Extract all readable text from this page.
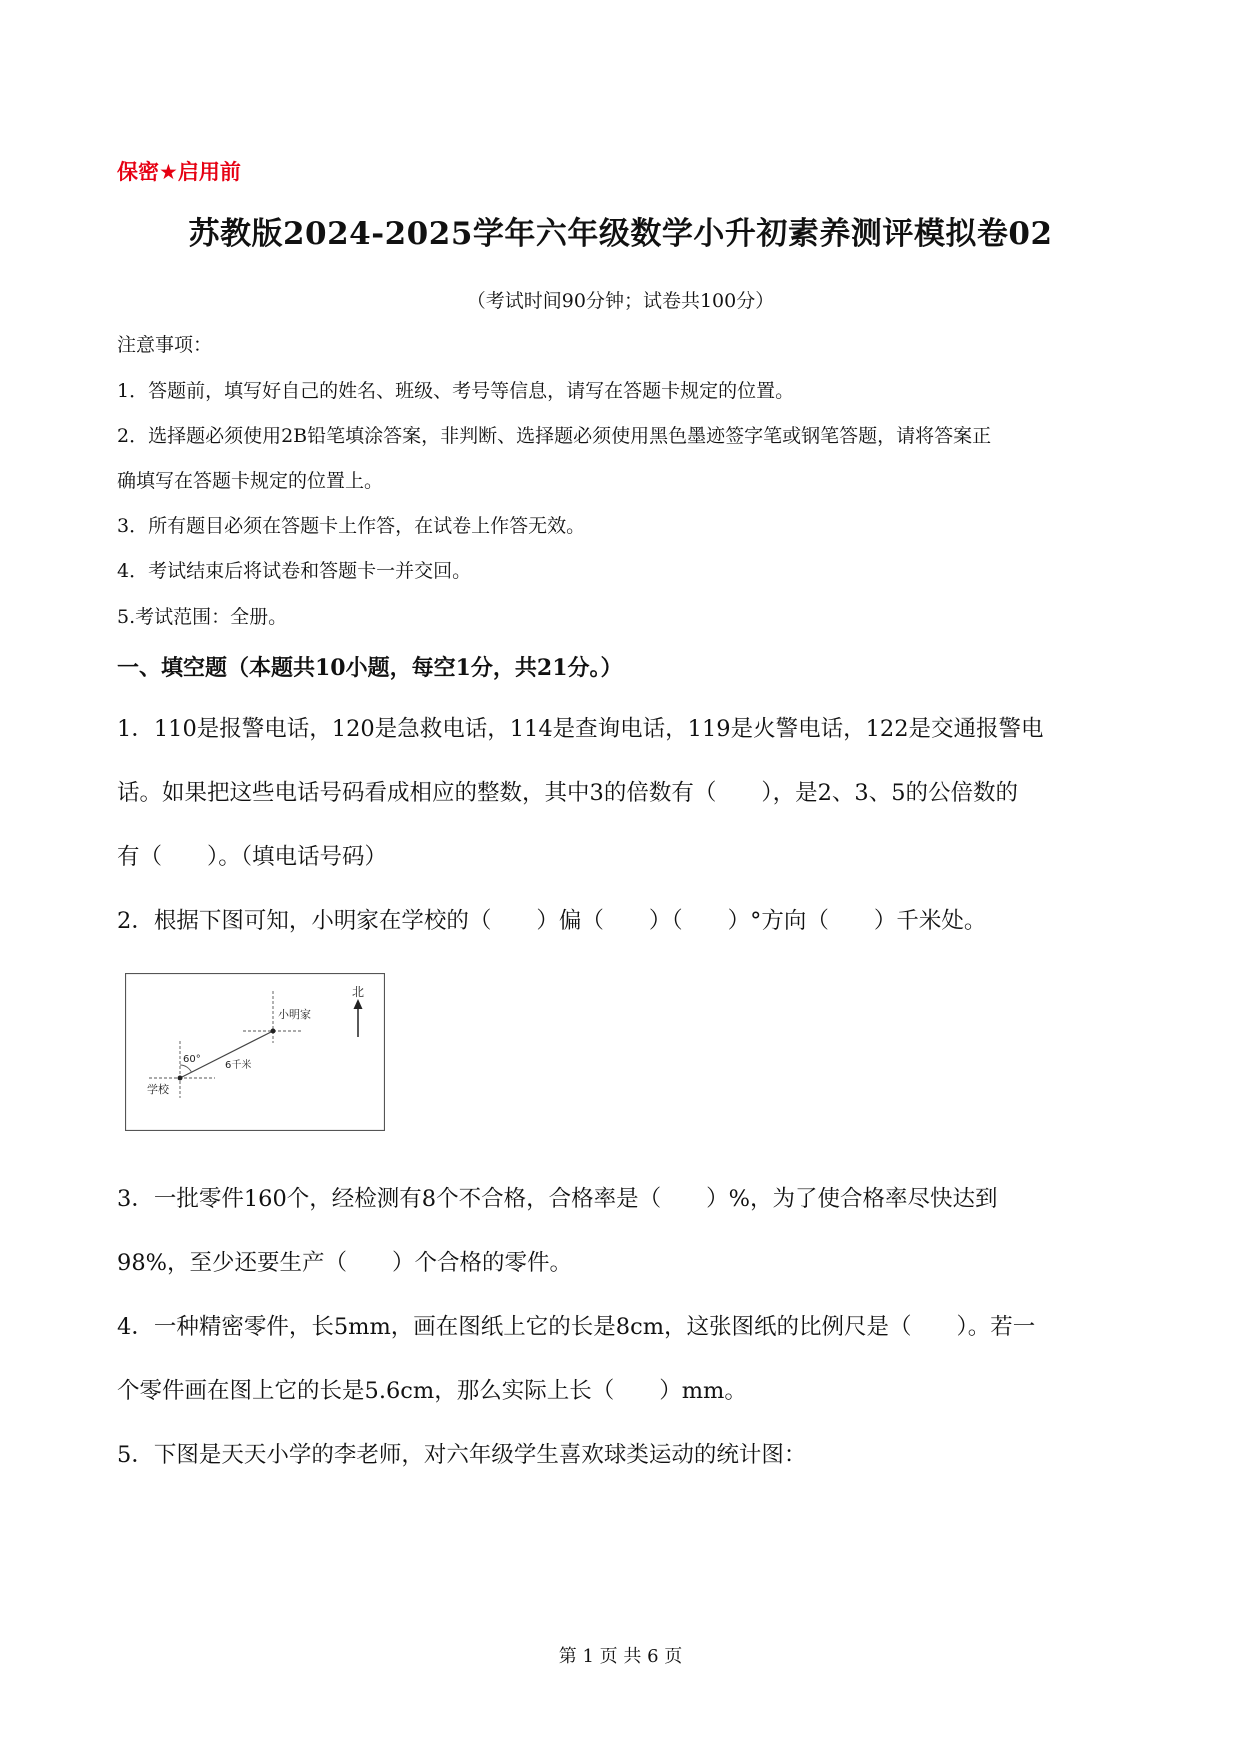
保密★启用前
苏教版2024-2025学年六年级数学小升初素养测评模拟卷02
（考试时间90分钟；试卷共100分）
注意事项：
1．答题前，填写好自己的姓名、班级、考号等信息，请写在答题卡规定的位置。
2．选择题必须使用2B铅笔填涂答案，非判断、选择题必须使用黑色墨迹签字笔或钢笔答题，请将答案正
确填写在答题卡规定的位置上。
3．所有题目必须在答题卡上作答，在试卷上作答无效。
4．考试结束后将试卷和答题卡一并交回。
5.考试范围：全册。
一、填空题（本题共10小题，每空1分，共21分。）
1．110是报警电话，120是急救电话，114是查询电话，119是火警电话，122是交通报警电
话。如果把这些电话号码看成相应的整数，其中3的倍数有（　　），是2、3、5的公倍数的
有（　　）。（填电话号码）
2．根据下图可知，小明家在学校的（　　）偏（　　）（　　）°方向（　　）千米处。
北
小明家
学校
60°
6千米
3．一批零件160个，经检测有8个不合格，合格率是（　　）%，为了使合格率尽快达到
98%，至少还要生产（　　）个合格的零件。
4．一种精密零件，长5mm，画在图纸上它的长是8cm，这张图纸的比例尺是（　　）。若一
个零件画在图上它的长是5.6cm，那么实际上长（　　）mm。
5．下图是天天小学的李老师，对六年级学生喜欢球类运动的统计图：
第 1 页 共 6 页
